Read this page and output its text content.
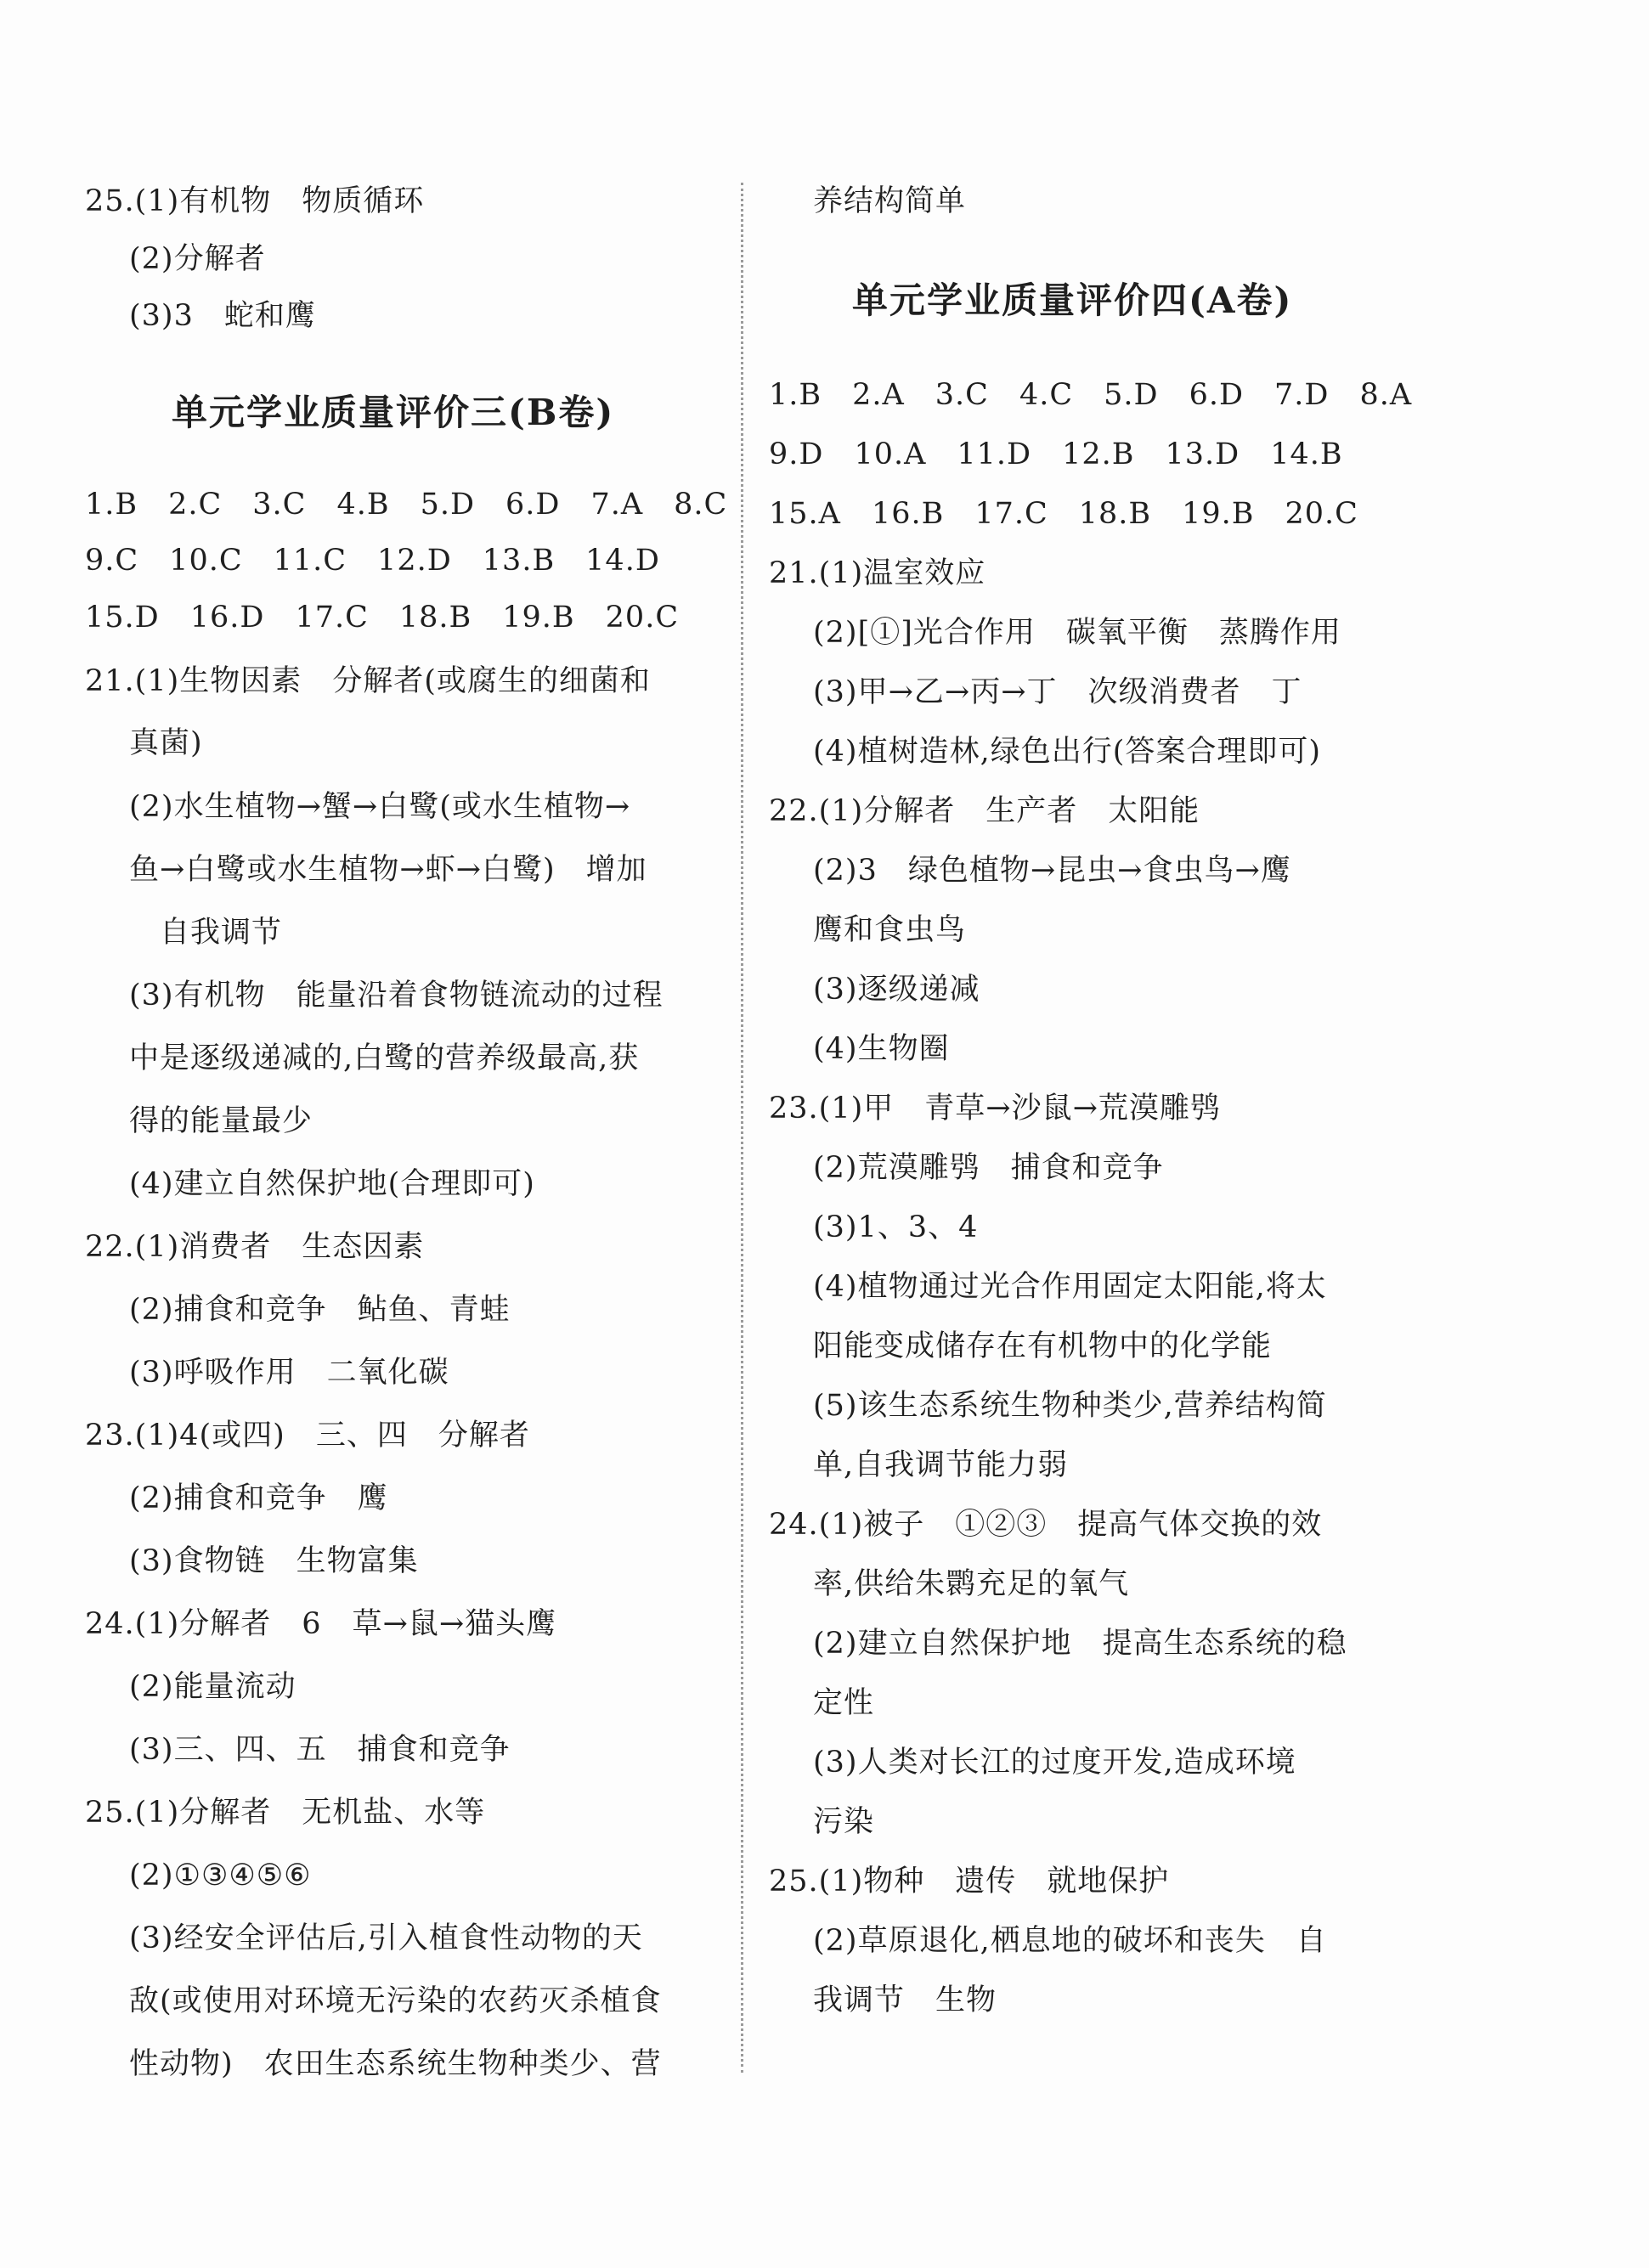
25.(1)有机物　物质循环
(2)分解者
(3)3　蛇和鹰
单元学业质量评价三(B卷)
1.B　2.C　3.C　4.B　5.D　6.D　7.A　8.C
9.C　10.C　11.C　12.D　13.B　14.D
15.D　16.D　17.C　18.B　19.B　20.C
21.(1)生物因素　分解者(或腐生的细菌和
真菌)
(2)水生植物→蟹→白鹭(或水生植物→
鱼→白鹭或水生植物→虾→白鹭)　增加
　自我调节
(3)有机物　能量沿着食物链流动的过程
中是逐级递减的,白鹭的营养级最高,获
得的能量最少
(4)建立自然保护地(合理即可)
22.(1)消费者　生态因素
(2)捕食和竞争　鲇鱼、青蛙
(3)呼吸作用　二氧化碳
23.(1)4(或四)　三、四　分解者
(2)捕食和竞争　鹰
(3)食物链　生物富集
24.(1)分解者　6　草→鼠→猫头鹰
(2)能量流动
(3)三、四、五　捕食和竞争
25.(1)分解者　无机盐、水等
(2)①③④⑤⑥
(3)经安全评估后,引入植食性动物的天
敌(或使用对环境无污染的农药灭杀植食
性动物)　农田生态系统生物种类少、营
养结构简单
单元学业质量评价四(A卷)
1.B　2.A　3.C　4.C　5.D　6.D　7.D　8.A
9.D　10.A　11.D　12.B　13.D　14.B
15.A　16.B　17.C　18.B　19.B　20.C
21.(1)温室效应
(2)[①]光合作用　碳氧平衡　蒸腾作用
(3)甲→乙→丙→丁　次级消费者　丁
(4)植树造林,绿色出行(答案合理即可)
22.(1)分解者　生产者　太阳能
(2)3　绿色植物→昆虫→食虫鸟→鹰
鹰和食虫鸟
(3)逐级递减
(4)生物圈
23.(1)甲　青草→沙鼠→荒漠雕鸮
(2)荒漠雕鸮　捕食和竞争
(3)1、3、4
(4)植物通过光合作用固定太阳能,将太
阳能变成储存在有机物中的化学能
(5)该生态系统生物种类少,营养结构简
单,自我调节能力弱
24.(1)被子　①②③　提高气体交换的效
率,供给朱鹮充足的氧气
(2)建立自然保护地　提高生态系统的稳
定性
(3)人类对长江的过度开发,造成环境
污染
25.(1)物种　遗传　就地保护
(2)草原退化,栖息地的破坏和丧失　自
我调节　生物
